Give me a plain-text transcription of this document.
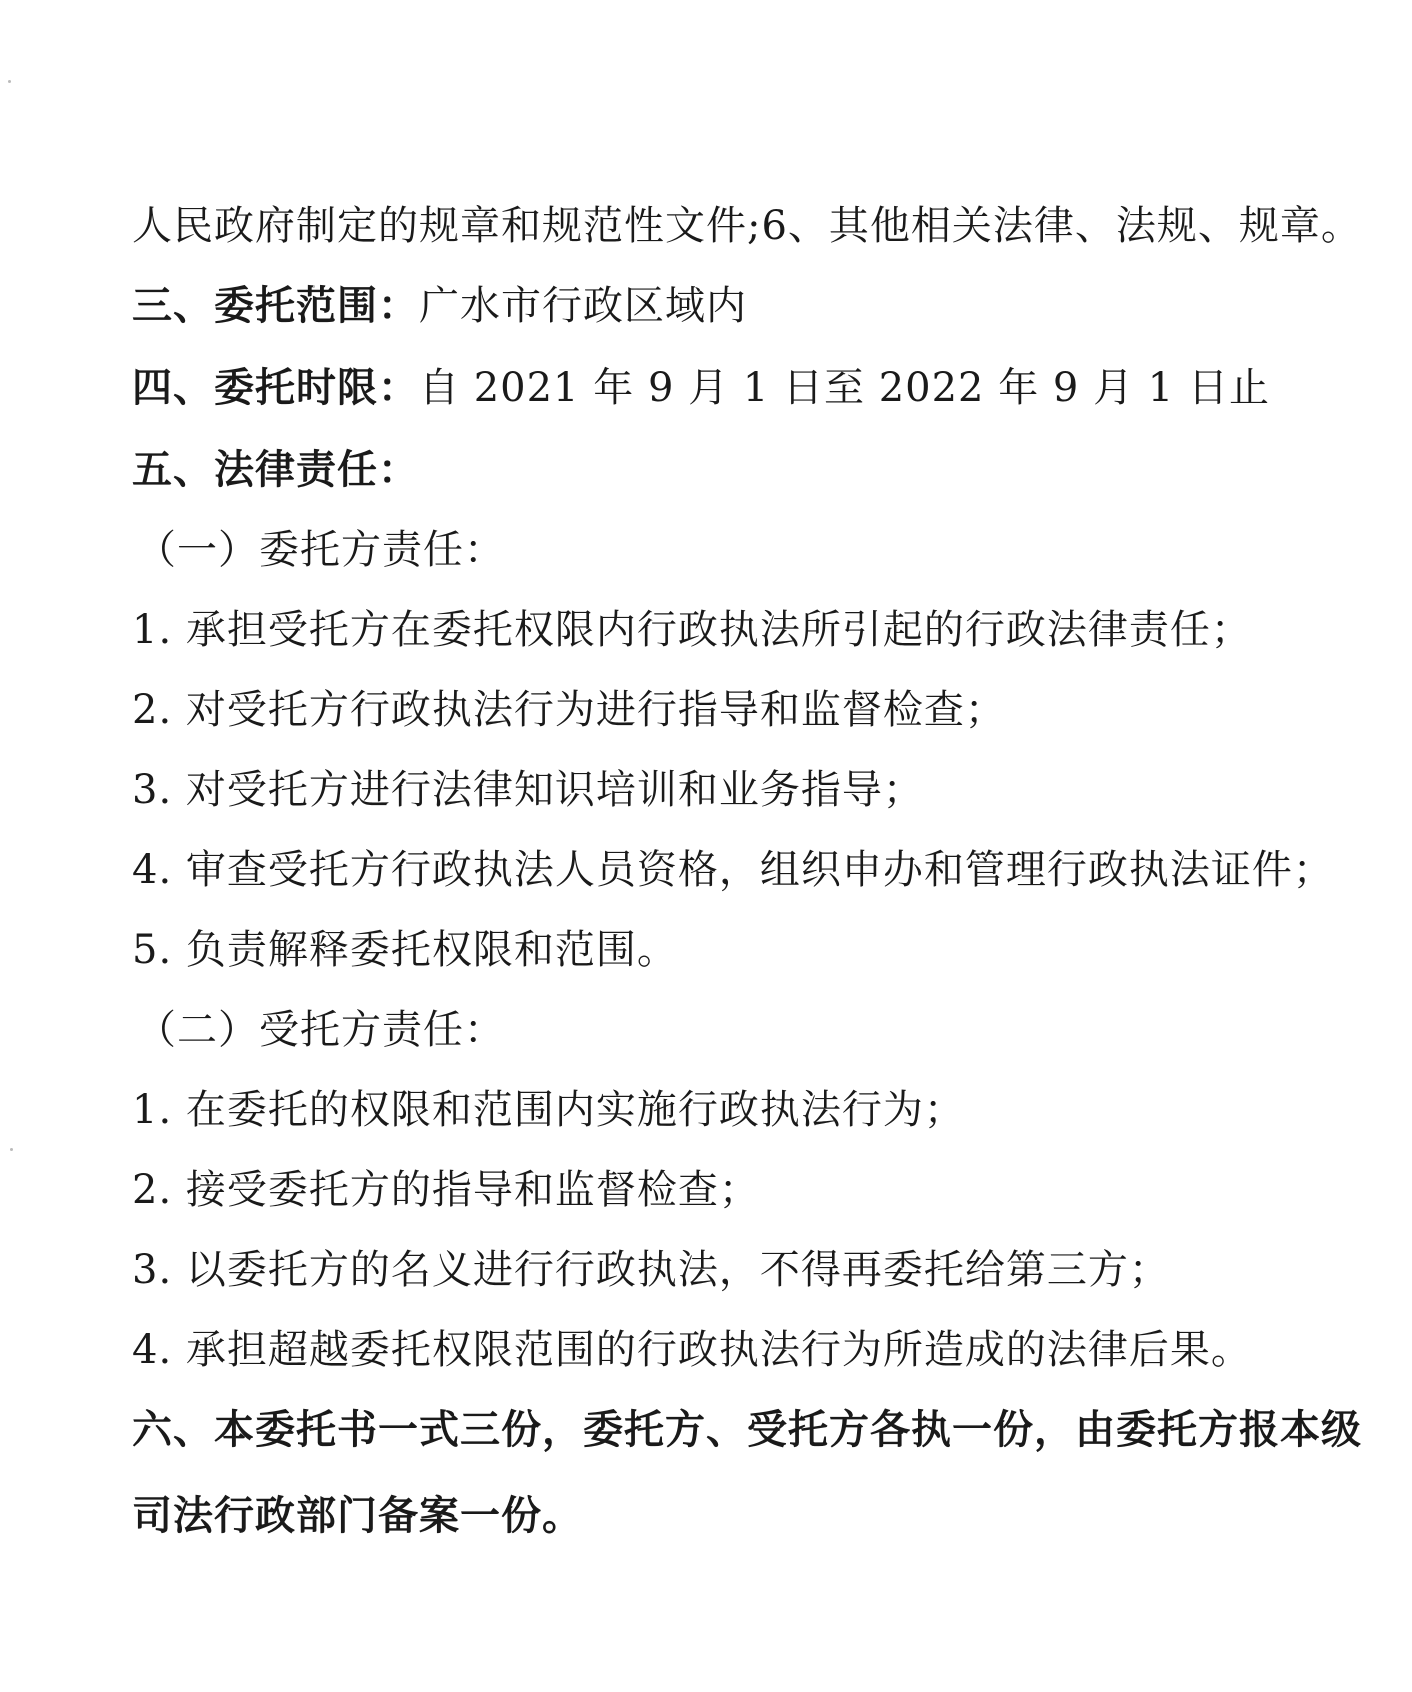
人民政府制定的规章和规范性文件;6、其他相关法律、法规、规章。
三、委托范围：广水市行政区域内
四、委托时限：自 2021 年 9 月 1 日至 2022 年 9 月 1 日止
五、法律责任：
（一）委托方责任：
1. 承担受托方在委托权限内行政执法所引起的行政法律责任；
2. 对受托方行政执法行为进行指导和监督检查；
3. 对受托方进行法律知识培训和业务指导；
4. 审查受托方行政执法人员资格，组织申办和管理行政执法证件；
5. 负责解释委托权限和范围。
（二）受托方责任：
1. 在委托的权限和范围内实施行政执法行为；
2. 接受委托方的指导和监督检查；
3. 以委托方的名义进行行政执法，不得再委托给第三方；
4. 承担超越委托权限范围的行政执法行为所造成的法律后果。
六、本委托书一式三份，委托方、受托方各执一份，由委托方报本级
司法行政部门备案一份。
